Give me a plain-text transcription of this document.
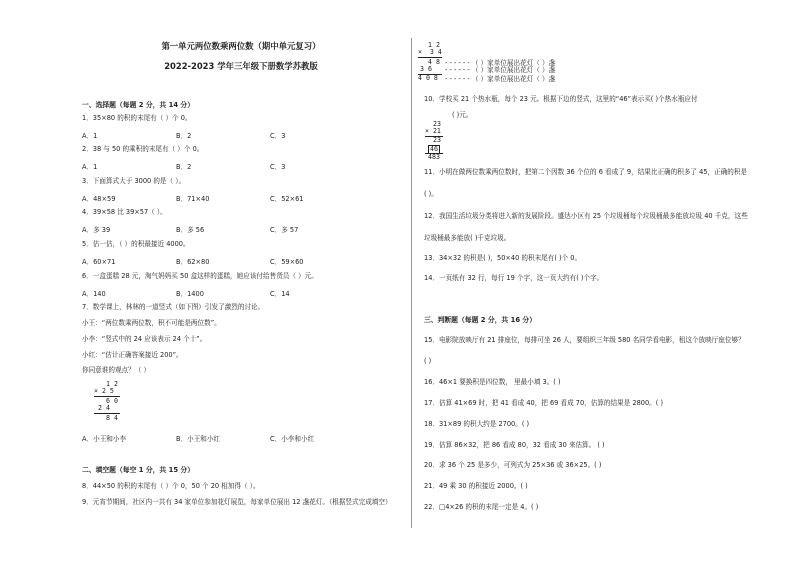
第一单元两位数乘两位数（期中单元复习）
2022-2023 学年三年级下册数学苏教版
一、选择题（每题 2 分，共 14 分）
1．35×80 的积的末尾有（ ）个 0。
A．1	B．2	C．3
2．38 与 50 的乘积的末尾有（ ）个 0。
A．1	B．2	C．3
3．下面算式大于 3000 的是（ ）。
A．48×59	B．71×40	C．52×61
4．39×58 比 39×57（ ）。
A．多 39	B．多 56	C．多 57
5．估一估，（ ）的积最接近 4000。
A．60×71	B．62×80	C．59×60
6．一盒蛋糕 28 元，淘气妈妈买 50 盒这样的蛋糕，她应该付给售货员（ ）元。
A．140	B．1400	C．14
7．数学课上，林林的一道竖式（如下图）引发了激烈的讨论。
小王：“两位数乘两位数，积不可能是两位数”。
小李：“竖式中的 24 应该表示 24 个十”。
小红：“估计正确答案接近 200”。
你同意谁的观点？（ ）
1 2
× 2 5
6 0
2 4
8 4
A．小王和小李	B．小王和小红	C．小李和小红
二、填空题（每空 1 分，共 15 分）
8．44×50 的积的末尾有（ ）个 0，50 个 20 相加得（ ）。
9．元宵节期间，社区内一共有 34 家单位参加花灯展览，每家单位展出 12 盏花灯。（根据竖式完成填空）
1 2
×  3 4
4 8 - - - - - - （ ）家单位展出花灯（ ）盏
3 6 - - - - - - （ ）家单位展出花灯（ ）盏
4 0 8 - - - - - - （ ）家单位展出花灯（ ）盏
10．学校买 21 个热水瓶，每个 23 元。根据下边的竖式，这里的“46”表示买( )个热水瓶应付
( )元。
23
× 21
23
46
483
11．小明在做两位数乘两位数时，把第二个因数 36 个位的 6 看成了 9，结果比正确的积多了 45，正确的积是
( )。
12．我国生活垃圾分类将进入新的发展阶段。盛达小区有 25 个垃圾桶每个垃圾桶最多能放垃圾 40 千克，这些
垃圾桶最多能放( )千克垃圾。
13．34×32 的积是( )，50×40 的积末尾有( )个 0。
14．一页纸有 32 行，每行 19 个字，这一页大约有( )个字。
三、判断题（每题 2 分，共 16 分）
15．电影院放映厅有 21 排座位，每排可坐 26 人，要组织三年级 580 名同学看电影，租这个放映厅座位够？
( )
16．46×1 要换积是四位数， 里最小填 3。( )
17．估算 41×69 时，把 41 看成 40，把 69 看成 70，估算的结果是 2800。( )
18．31×89 的积大约是 2700。( )
19．估算 86×32，把 86 看成 80，32 看成 30 来估算。 ( )
20．求 36 个 25 是多少，可列式为 25×36 或 36×25。( )
21．49 乘 30 的积接近 2000。( )
22．□4×26 的积的末尾一定是 4。( )
